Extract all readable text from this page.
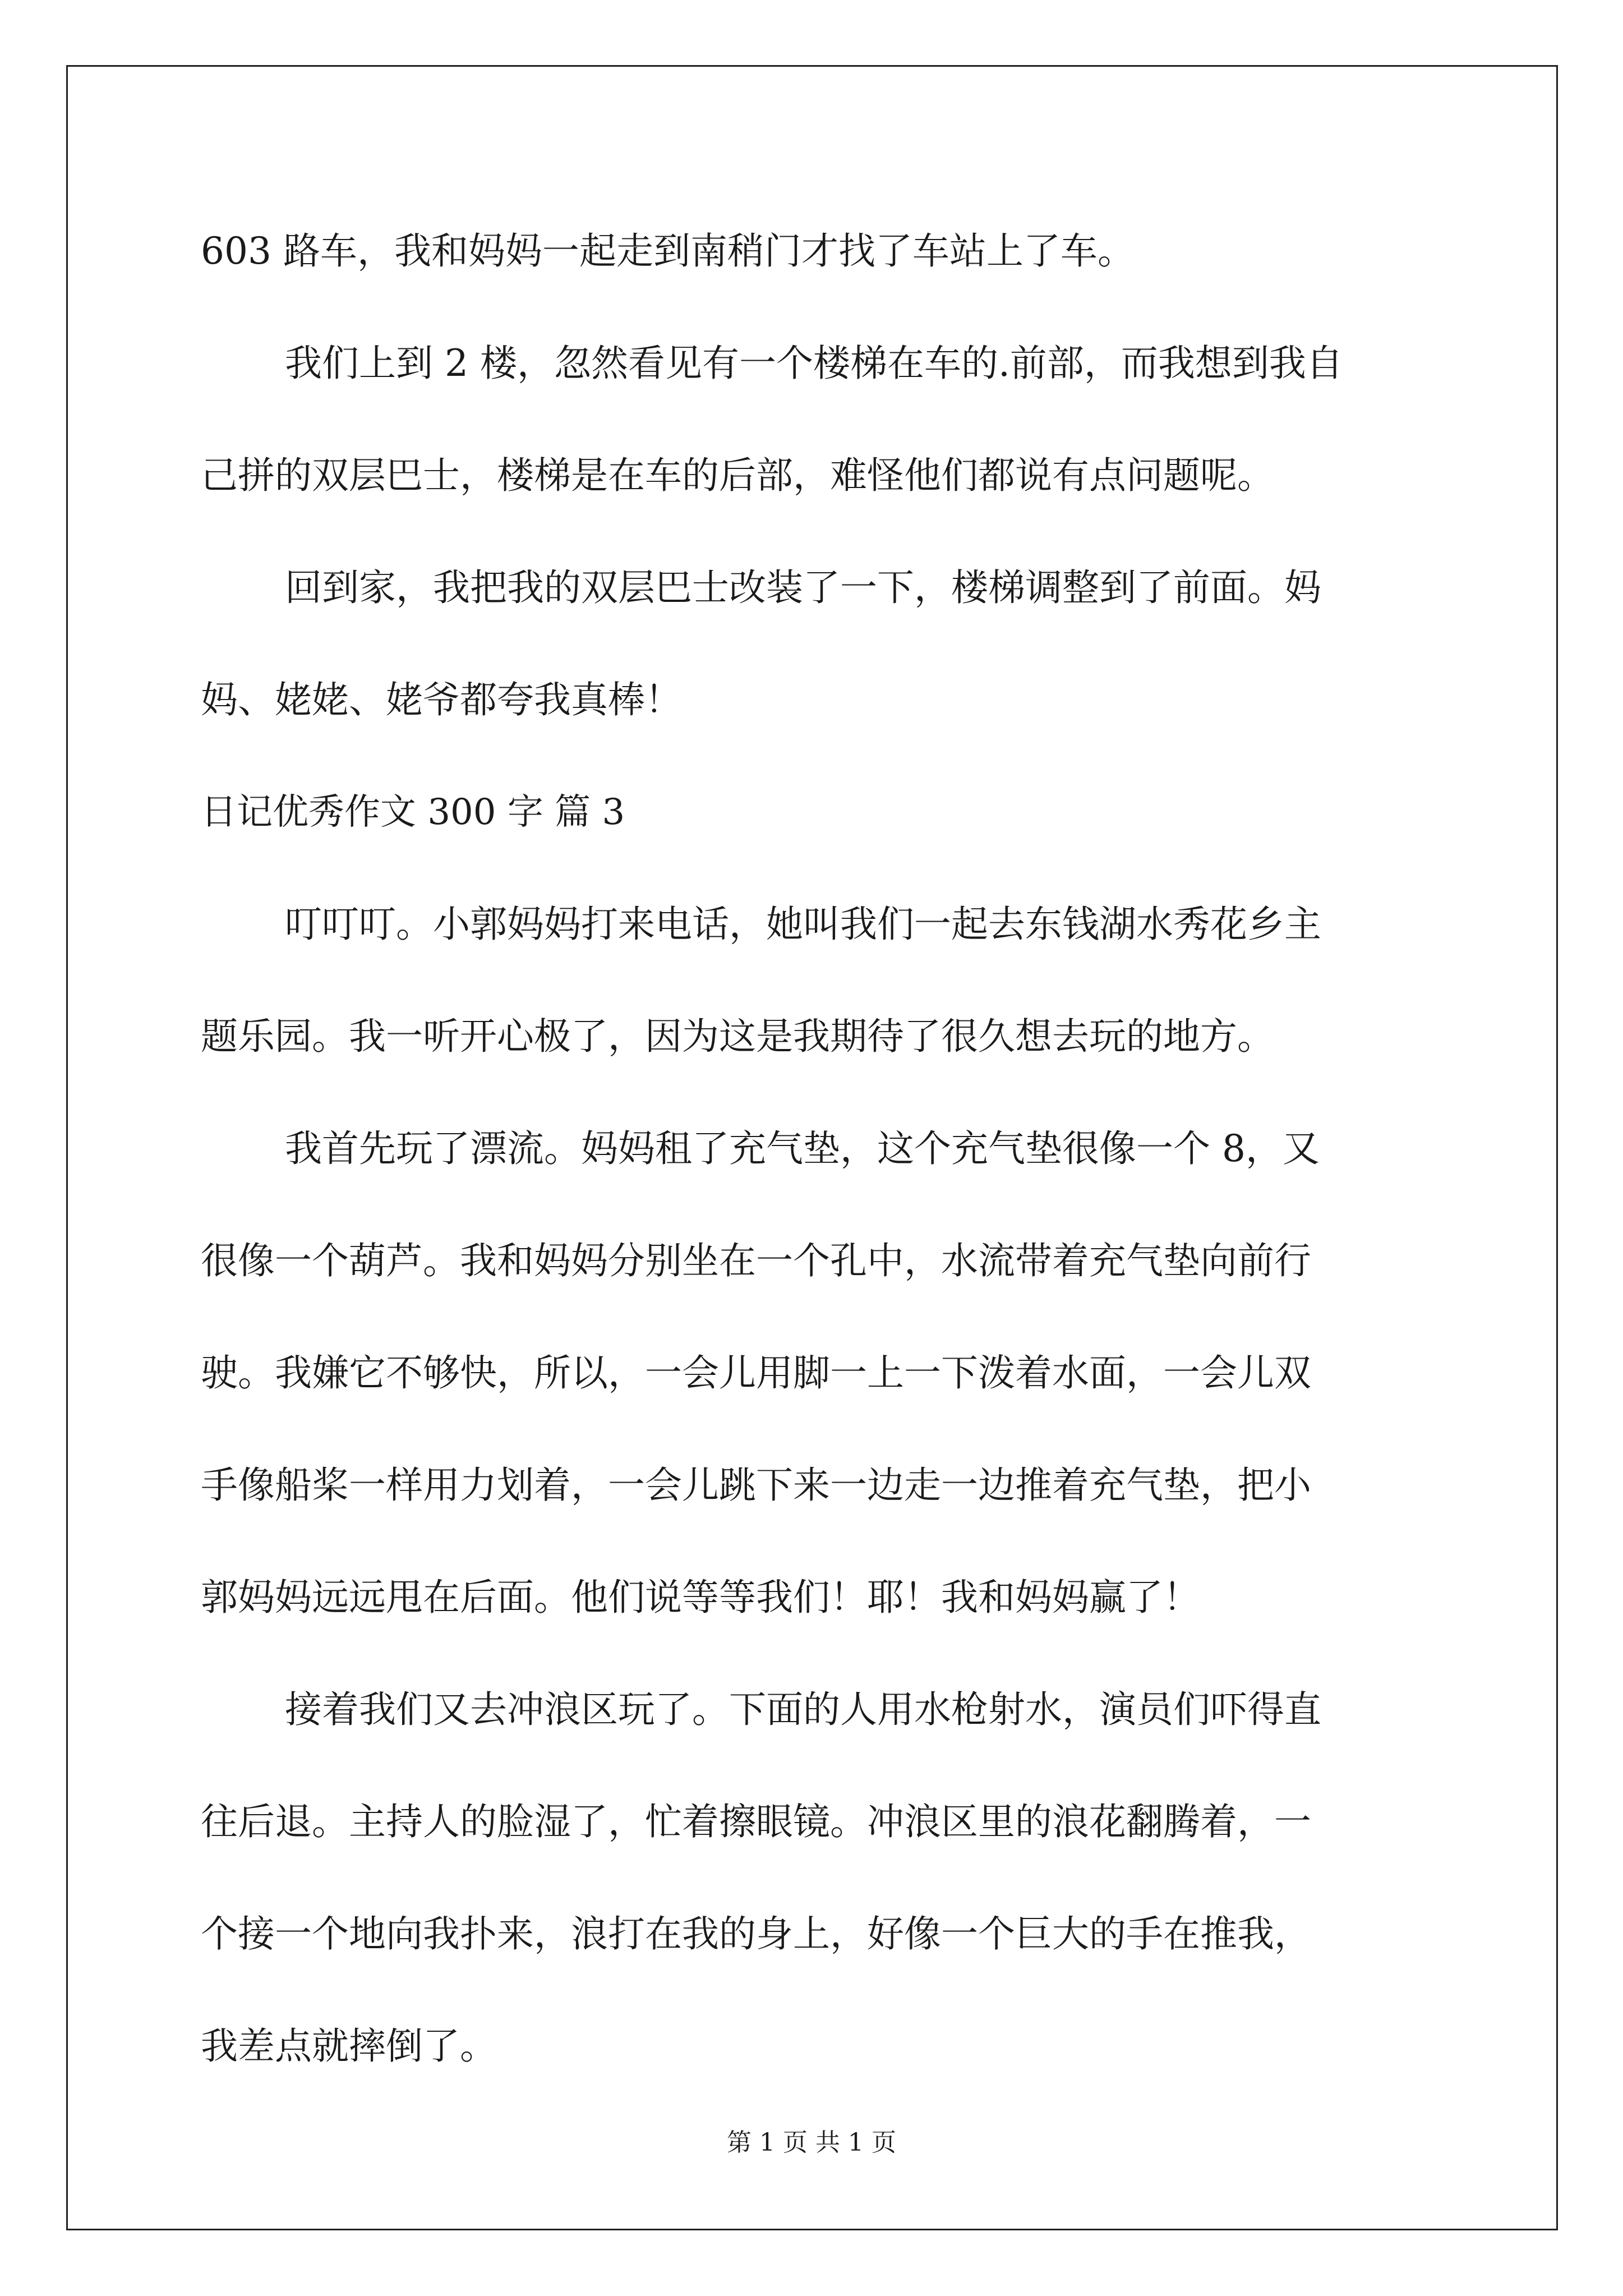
603 路车，我和妈妈一起走到南稍门才找了车站上了车。
我们上到 2 楼，忽然看见有一个楼梯在车的.前部，而我想到我自
己拼的双层巴士，楼梯是在车的后部，难怪他们都说有点问题呢。
回到家，我把我的双层巴士改装了一下，楼梯调整到了前面。妈
妈、姥姥、姥爷都夸我真棒！
日记优秀作文 300 字 篇 3
叮叮叮。小郭妈妈打来电话，她叫我们一起去东钱湖水秀花乡主
题乐园。我一听开心极了，因为这是我期待了很久想去玩的地方。
我首先玩了漂流。妈妈租了充气垫，这个充气垫很像一个 8，又
很像一个葫芦。我和妈妈分别坐在一个孔中，水流带着充气垫向前行
驶。我嫌它不够快，所以，一会儿用脚一上一下泼着水面，一会儿双
手像船桨一样用力划着，一会儿跳下来一边走一边推着充气垫，把小
郭妈妈远远甩在后面。他们说等等我们！耶！我和妈妈赢了！
接着我们又去冲浪区玩了。下面的人用水枪射水，演员们吓得直
往后退。主持人的脸湿了，忙着擦眼镜。冲浪区里的浪花翻腾着，一
个接一个地向我扑来，浪打在我的身上，好像一个巨大的手在推我，
我差点就摔倒了。
第 1 页 共 1 页
